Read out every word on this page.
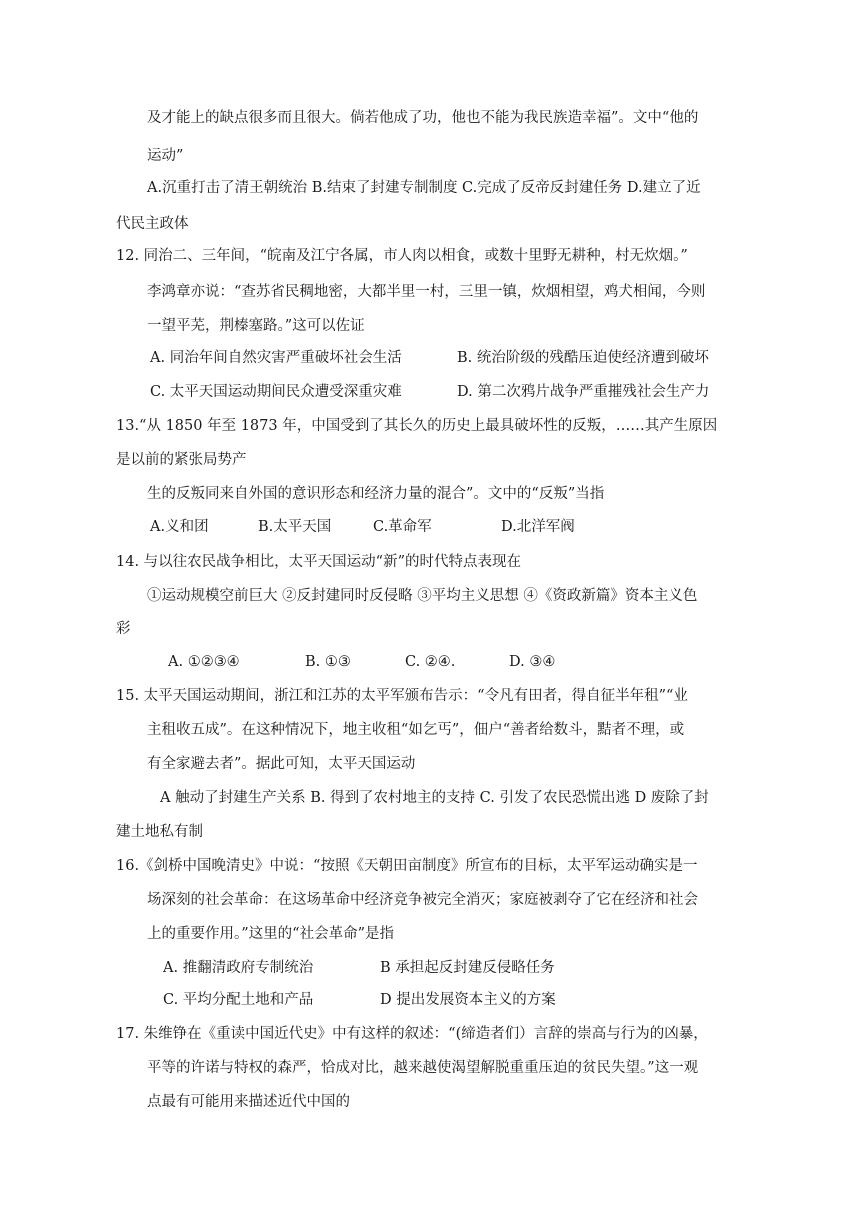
及才能上的缺点很多而且很大。倘若他成了功，他也不能为我民族造幸福”。文中“他的
运动”
A.沉重打击了清王朝统治 B.结束了封建专制制度 C.完成了反帝反封建任务 D.建立了近
代民主政体
12. 同治二、三年间，“皖南及江宁各属，市人肉以相食，或数十里野无耕种，村无炊烟。”
李鸿章亦说：“查苏省民稠地密，大都半里一村，三里一镇，炊烟相望，鸡犬相闻，今则
一望平芜，荆榛塞路。”这可以佐证
A. 同治年间自然灾害严重破坏社会生活	B. 统治阶级的残酷压迫使经济遭到破坏
C. 太平天国运动期间民众遭受深重灾难	D. 第二次鸦片战争严重摧残社会生产力
13.“从 1850 年至 1873 年，中国受到了其长久的历史上最具破坏性的反叛，……其产生原因
是以前的紧张局势产
生的反叛同来自外国的意识形态和经济力量的混合”。文中的“反叛”当指
A.义和团	B.太平天国	C.革命军	D.北洋军阀
14. 与以往农民战争相比，太平天国运动“新”的时代特点表现在
①运动规模空前巨大 ②反封建同时反侵略 ③平均主义思想 ④《资政新篇》资本主义色
彩
A. ①②③④	B. ①③	C. ②④.	D. ③④
15. 太平天国运动期间，浙江和江苏的太平军颁布告示：“令凡有田者，得自征半年租”“业
主租收五成”。在这种情况下，地主收租“如乞丐”，佃户“善者给数斗，黠者不理，或
有全家避去者”。据此可知，太平天国运动
A 触动了封建生产关系 B. 得到了农村地主的支持 C. 引发了农民恐慌出逃 D 废除了封
建土地私有制
16.《剑桥中国晚清史》中说：“按照《天朝田亩制度》所宣布的目标，太平军运动确实是一
场深刻的社会革命：在这场革命中经济竞争被完全消灭；家庭被剥夺了它在经济和社会
上的重要作用。”这里的“社会革命”是指
A. 推翻清政府专制统治	B 承担起反封建反侵略任务
C. 平均分配土地和产品	D 提出发展资本主义的方案
17. 朱维铮在《重读中国近代史》中有这样的叙述：“(缔造者们）言辞的崇高与行为的凶暴，
平等的许诺与特权的森严，恰成对比，越来越使渴望解脱重重压迫的贫民失望。”这一观
点最有可能用来描述近代中国的
